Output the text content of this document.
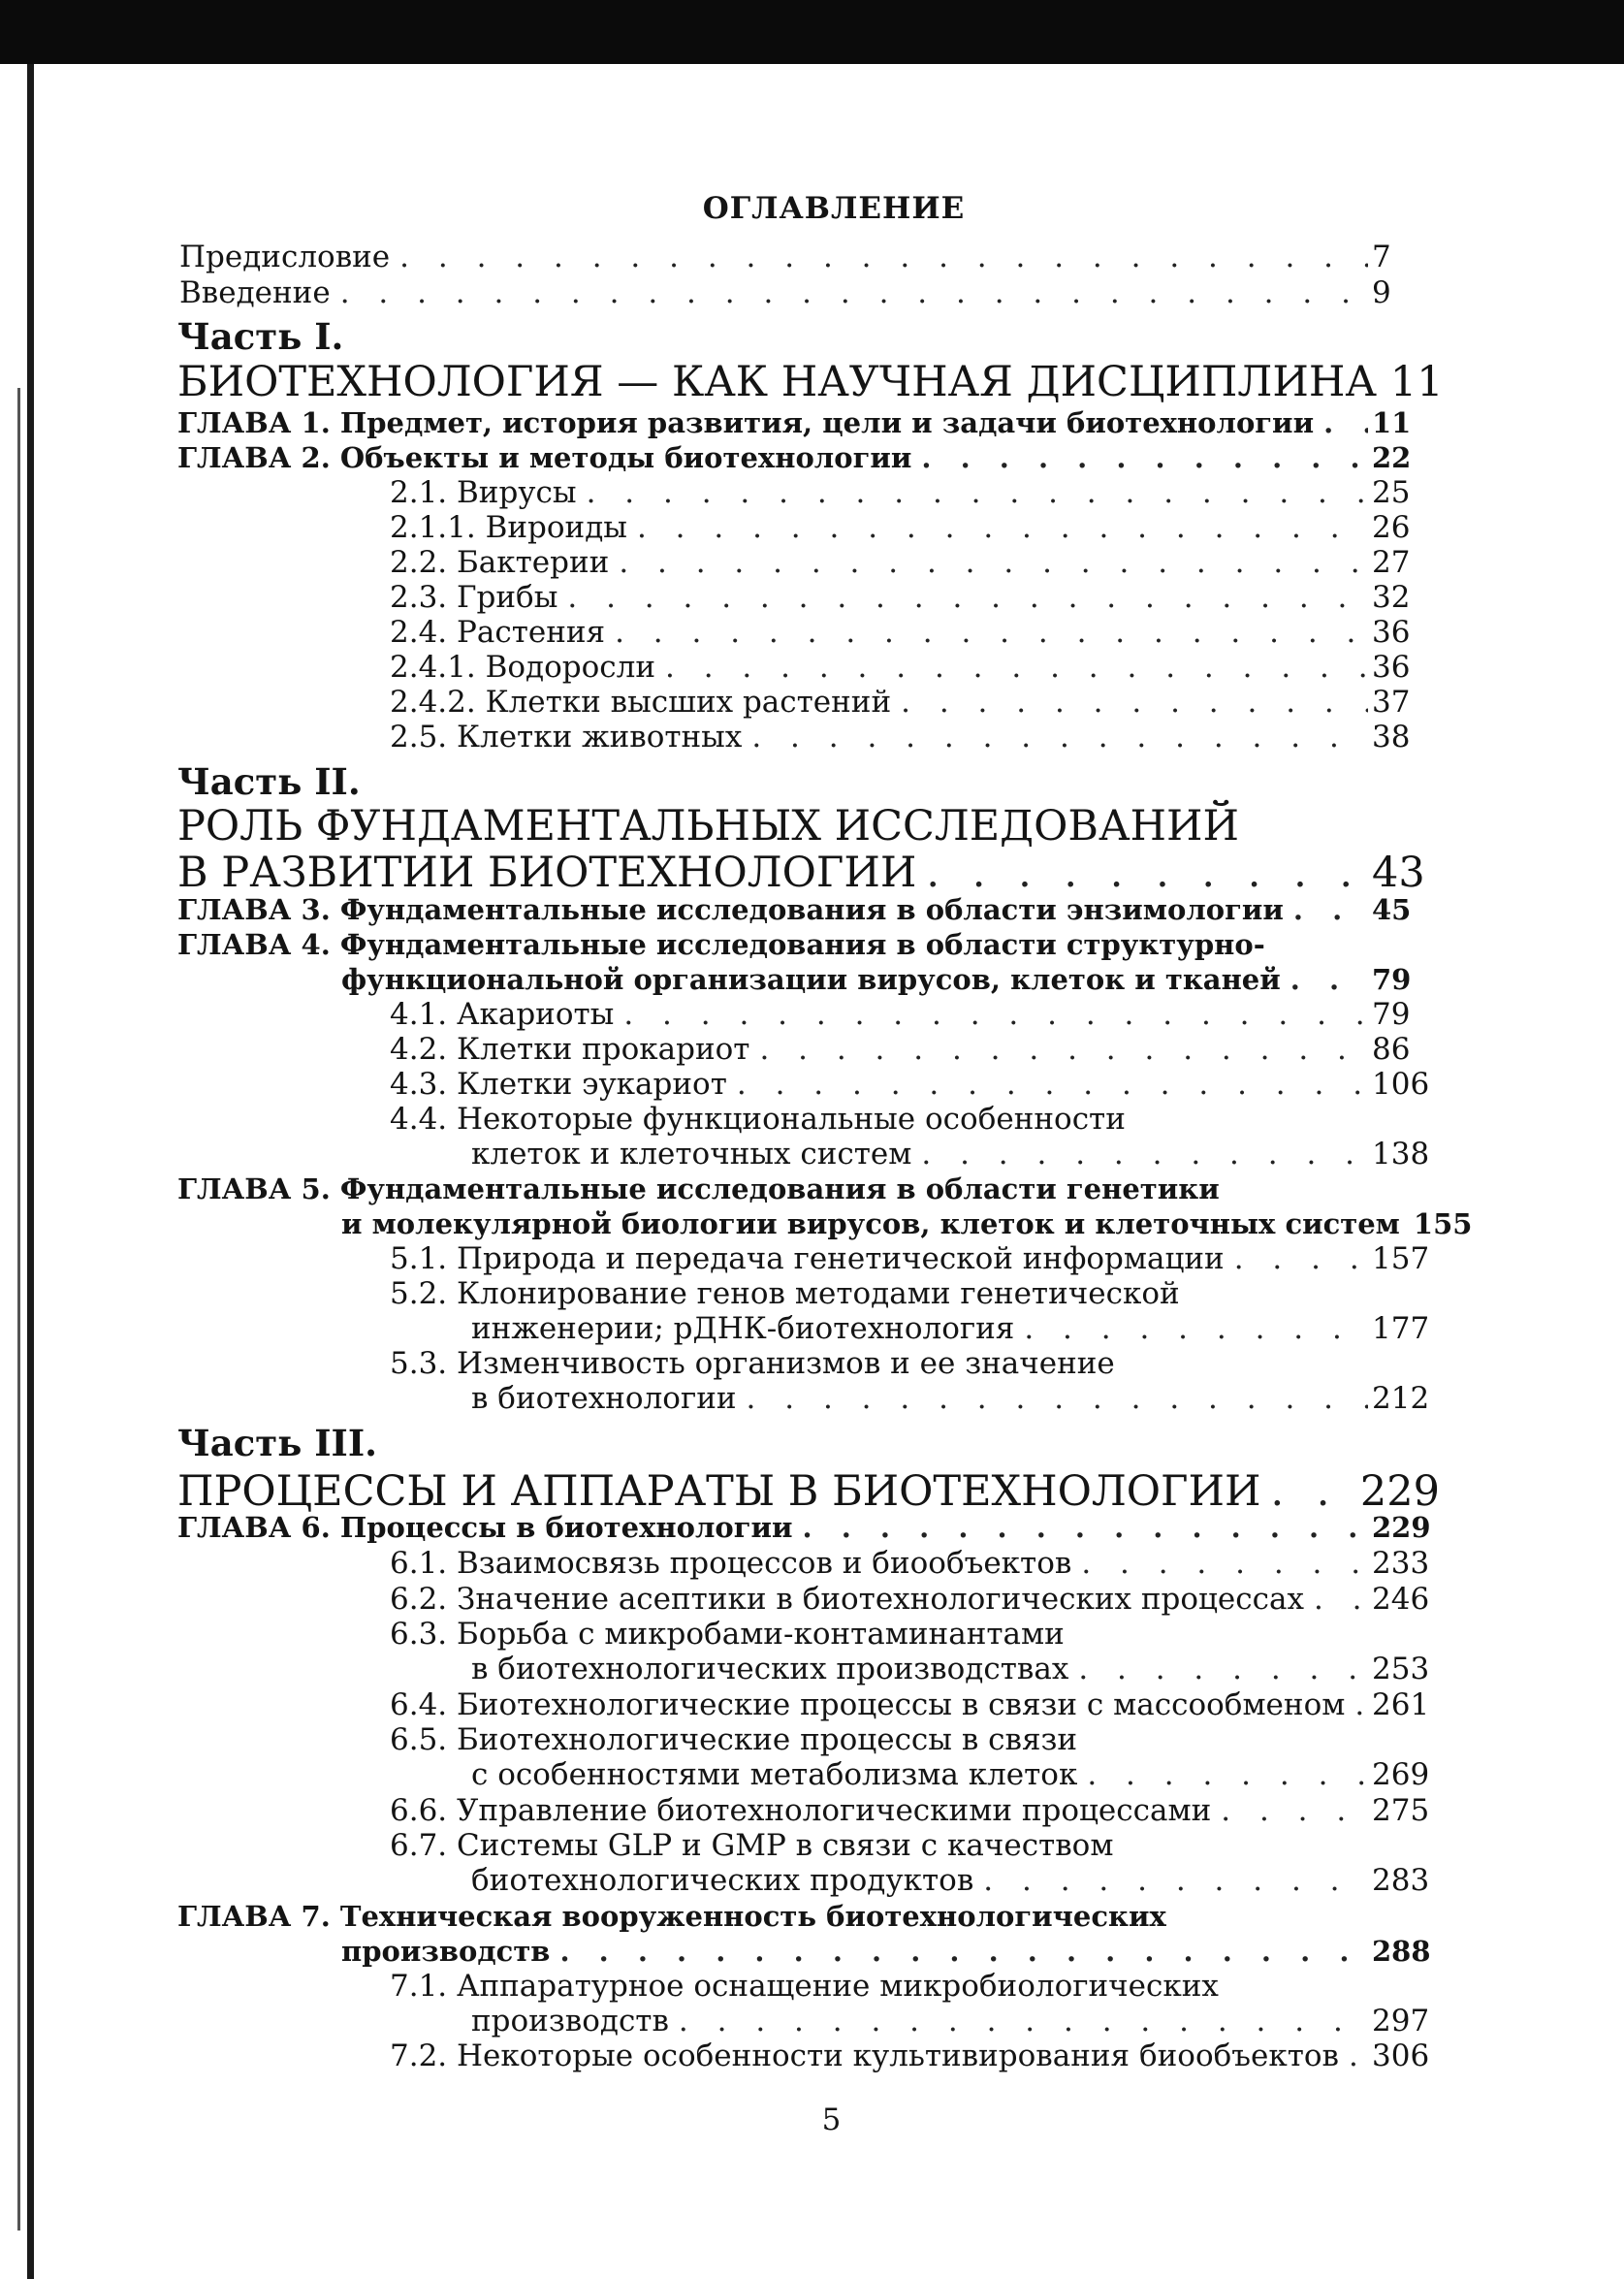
ОГЛАВЛЕНИЕ
Предисловие . . .	7
Введение . . .	9
Часть I.
БИОТЕХНОЛОГИЯ — КАК НАУЧНАЯ ДИСЦИПЛИНА 11
ГЛАВА 1. Предмет, история развития, цели и задачи биотехнологии . . . 11
ГЛАВА 2. Объекты и методы биотехнологии . . .	22
2.1. Вирусы . . .	25
2.1.1. Вироиды . . .	26
2.2. Бактерии . . .	27
2.3. Грибы . . .	32
2.4. Растения . . .	36
2.4.1. Водоросли . . .	36
2.4.2. Клетки высших растений . . .	37
2.5. Клетки животных . . .	38
Часть II.
РОЛЬ ФУНДАМЕНТАЛЬНЫХ ИССЛЕДОВАНИЙ
В РАЗВИТИИ БИОТЕХНОЛОГИИ . . .	43
ГЛАВА 3. Фундаментальные исследования в области энзимологии . . .	45
ГЛАВА 4. Фундаментальные исследования в области структурно-
функциональной организации вирусов, клеток и тканей . . .	79
4.1. Акариоты . . .	79
4.2. Клетки прокариот . . .	86
4.3. Клетки эукариот . . .	106
4.4. Некоторые функциональные особенности
клеток и клеточных систем . . .	138
ГЛАВА 5. Фундаментальные исследования в области генетики
и молекулярной биологии вирусов, клеток и клеточных систем 155
5.1. Природа и передача генетической информации . . .	157
5.2. Клонирование генов методами генетической
инженерии; рДНК-биотехнология . . .	177
5.3. Изменчивость организмов и ее значение
в биотехнологии . . .	212
Часть III.
ПРОЦЕССЫ И АППАРАТЫ В БИОТЕХНОЛОГИИ . . . 229
ГЛАВА 6. Процессы в биотехнологии . . .	229
6.1. Взаимосвязь процессов и биообъектов . . .	233
6.2. Значение асептики в биотехнологических процессах . . . 246
6.3. Борьба с микробами-контаминантами
в биотехнологических производствах . . .	253
6.4. Биотехнологические процессы в связи с массообменом . . . 261
6.5. Биотехнологические процессы в связи
с особенностями метаболизма клеток . . .	269
6.6. Управление биотехнологическими процессами . . .	275
6.7. Системы GLP и GMP в связи с качеством
биотехнологических продуктов . . .	283
ГЛАВА 7. Техническая вооруженность биотехнологических
производств . . .	288
7.1. Аппаратурное оснащение микробиологических
производств . . .	297
7.2. Некоторые особенности культивирования биообъектов . . . 306
5
